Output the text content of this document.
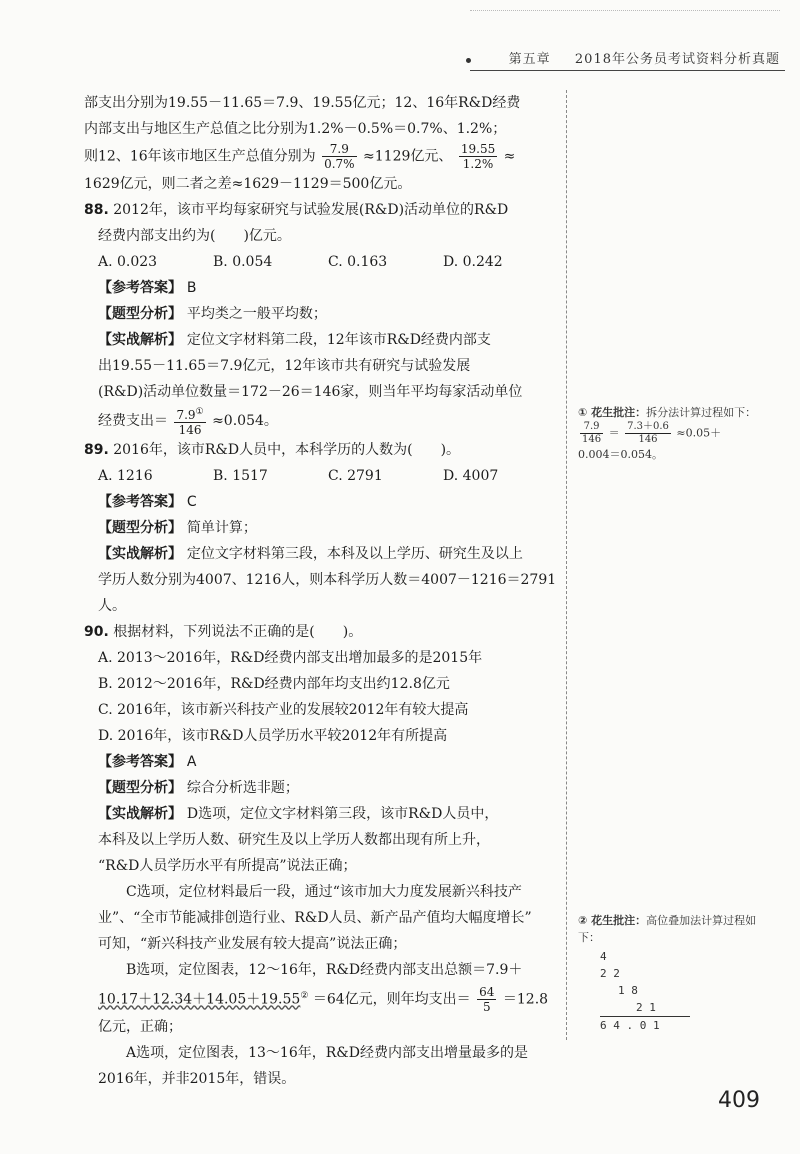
第五章 　 2018年公务员考试资料分析真题

部支出分别为19.55－11.65＝7.9、19.55亿元；12、16年R&D经费

内部支出与地区生产总值之比分别为1.2%－0.5%＝0.7%、1.2%；

则12、16年该市地区生产总值分别为 $\frac{7.9}{0.7\%} \approx 1129$亿元、 $\frac{19.55}{1.2\%}$ ≈

1629亿元，则二者之差≈1629－1129＝500亿元。

88. 2012年，该市平均每家研究与试验发展(R&D)活动单位的R&D

经费内部支出约为(　　)亿元。

A. 0.023	B. 0.054	C. 0.163	D. 0.242

【参考答案】 B

【题型分析】 平均类之一般平均数；

【实战解析】 定位文字材料第二段，12年该市R&D经费内部支

出19.55－11.65＝7.9亿元，12年该市共有研究与试验发展

(R&D)活动单位数量＝172－26＝146家，则当年平均每家活动单位

经费支出＝ $\frac{7.9^①}{146} \approx 0.054$。

89. 2016年，该市R&D人员中，本科学历的人数为(　　)。

A. 1216	B. 1517	C. 2791	D. 4007

【参考答案】 C

【题型分析】 简单计算；

【实战解析】 定位文字材料第三段，本科及以上学历、研究生及以上

学历人数分别为4007、1216人，则本科学历人数＝4007－1216＝2791人。

90. 根据材料，下列说法不正确的是(　　)。

A. 2013～2016年，R&D经费内部支出增加最多的是2015年

B. 2012～2016年，R&D经费内部年均支出约12.8亿元

C. 2016年，该市新兴科技产业的发展较2012年有较大提高

D. 2016年，该市R&D人员学历水平较2012年有所提高

【参考答案】 A

【题型分析】 综合分析选非题；

【实战解析】 D选项，定位文字材料第三段，该市R&D人员中，

本科及以上学历人数、研究生及以上学历人数都出现有所上升，

“R&D人员学历水平有所提高”说法正确；

C选项，定位材料最后一段，通过“该市加大力度发展新兴科技产

业”、“全市节能减排创造行业、R&D人员、新产品产值均大幅度增长”

可知，“新兴科技产业发展有较大提高”说法正确；

B选项，定位图表，12～16年，R&D经费内部支出总额＝7.9＋

10.17＋12.34＋14.05＋19.55② ＝64亿元，则年均支出＝ $\frac{64}{5} =12.8$

亿元，正确；

A选项，定位图表，13～16年，R&D经费内部支出增量最多的是

2016年，并非2015年，错误。

① 花生批注：拆分法计算过程如下：

$\frac{7.9}{146} = \frac{7.3+0.6}{146} \approx 0.05+$

0.004＝0.054。

② 花生批注：高位叠加法计算过程如下：

4
2 2
1 8
2 1
6 4 . 0 1
409
